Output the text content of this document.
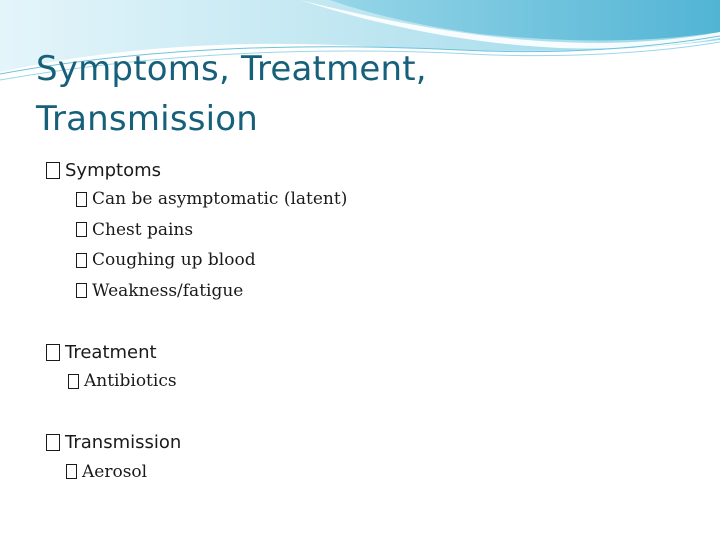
Symptoms, Treatment,
Transmission
Symptoms
Can be asymptomatic (latent)
Chest pains
Coughing up blood
Weakness/fatigue
Treatment
Antibiotics
Transmission
Aerosol
